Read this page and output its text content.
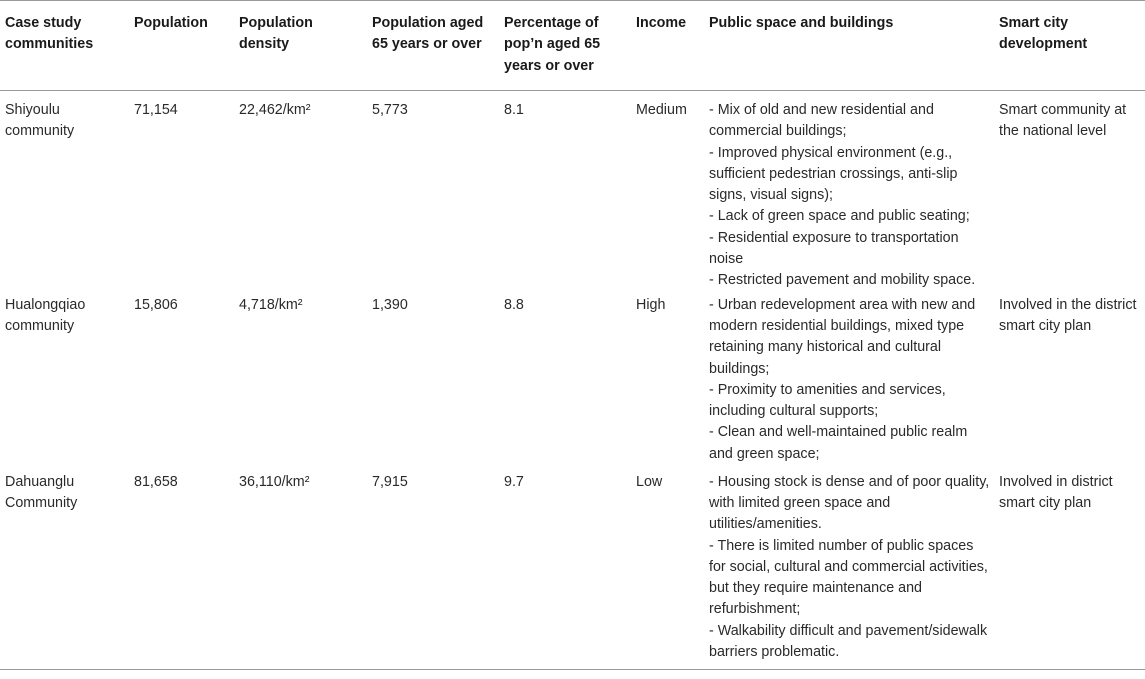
Case study communities	Population	Population density	Population aged 65 years or over	Percentage of pop’n aged 65 years or over	Income	Public space and buildings	Smart city development
Shiyoulu community	71,154	22,462/km²	5,773	8.1	Medium	- Mix of old and new residential and commercial buildings;
- Improved physical environment (e.g., sufficient pedestrian crossings, anti-slip signs, visual signs);
- Lack of green space and public seating;
- Residential exposure to transportation noise
- Restricted pavement and mobility space.	Smart community at the national level
Hualongqiao community	15,806	4,718/km²	1,390	8.8	High	- Urban redevelopment area with new and modern residential buildings, mixed type retaining many historical and cultural buildings;
- Proximity to amenities and services, including cultural supports;
- Clean and well-maintained public realm and green space;	Involved in the district smart city plan
Dahuanglu Community	81,658	36,110/km²	7,915	9.7	Low	- Housing stock is dense and of poor quality, with limited green space and utilities/amenities.
- There is limited number of public spaces for social, cultural and commercial activities, but they require maintenance and refurbishment;
- Walkability difficult and pavement/sidewalk barriers problematic.	Involved in district smart city plan
